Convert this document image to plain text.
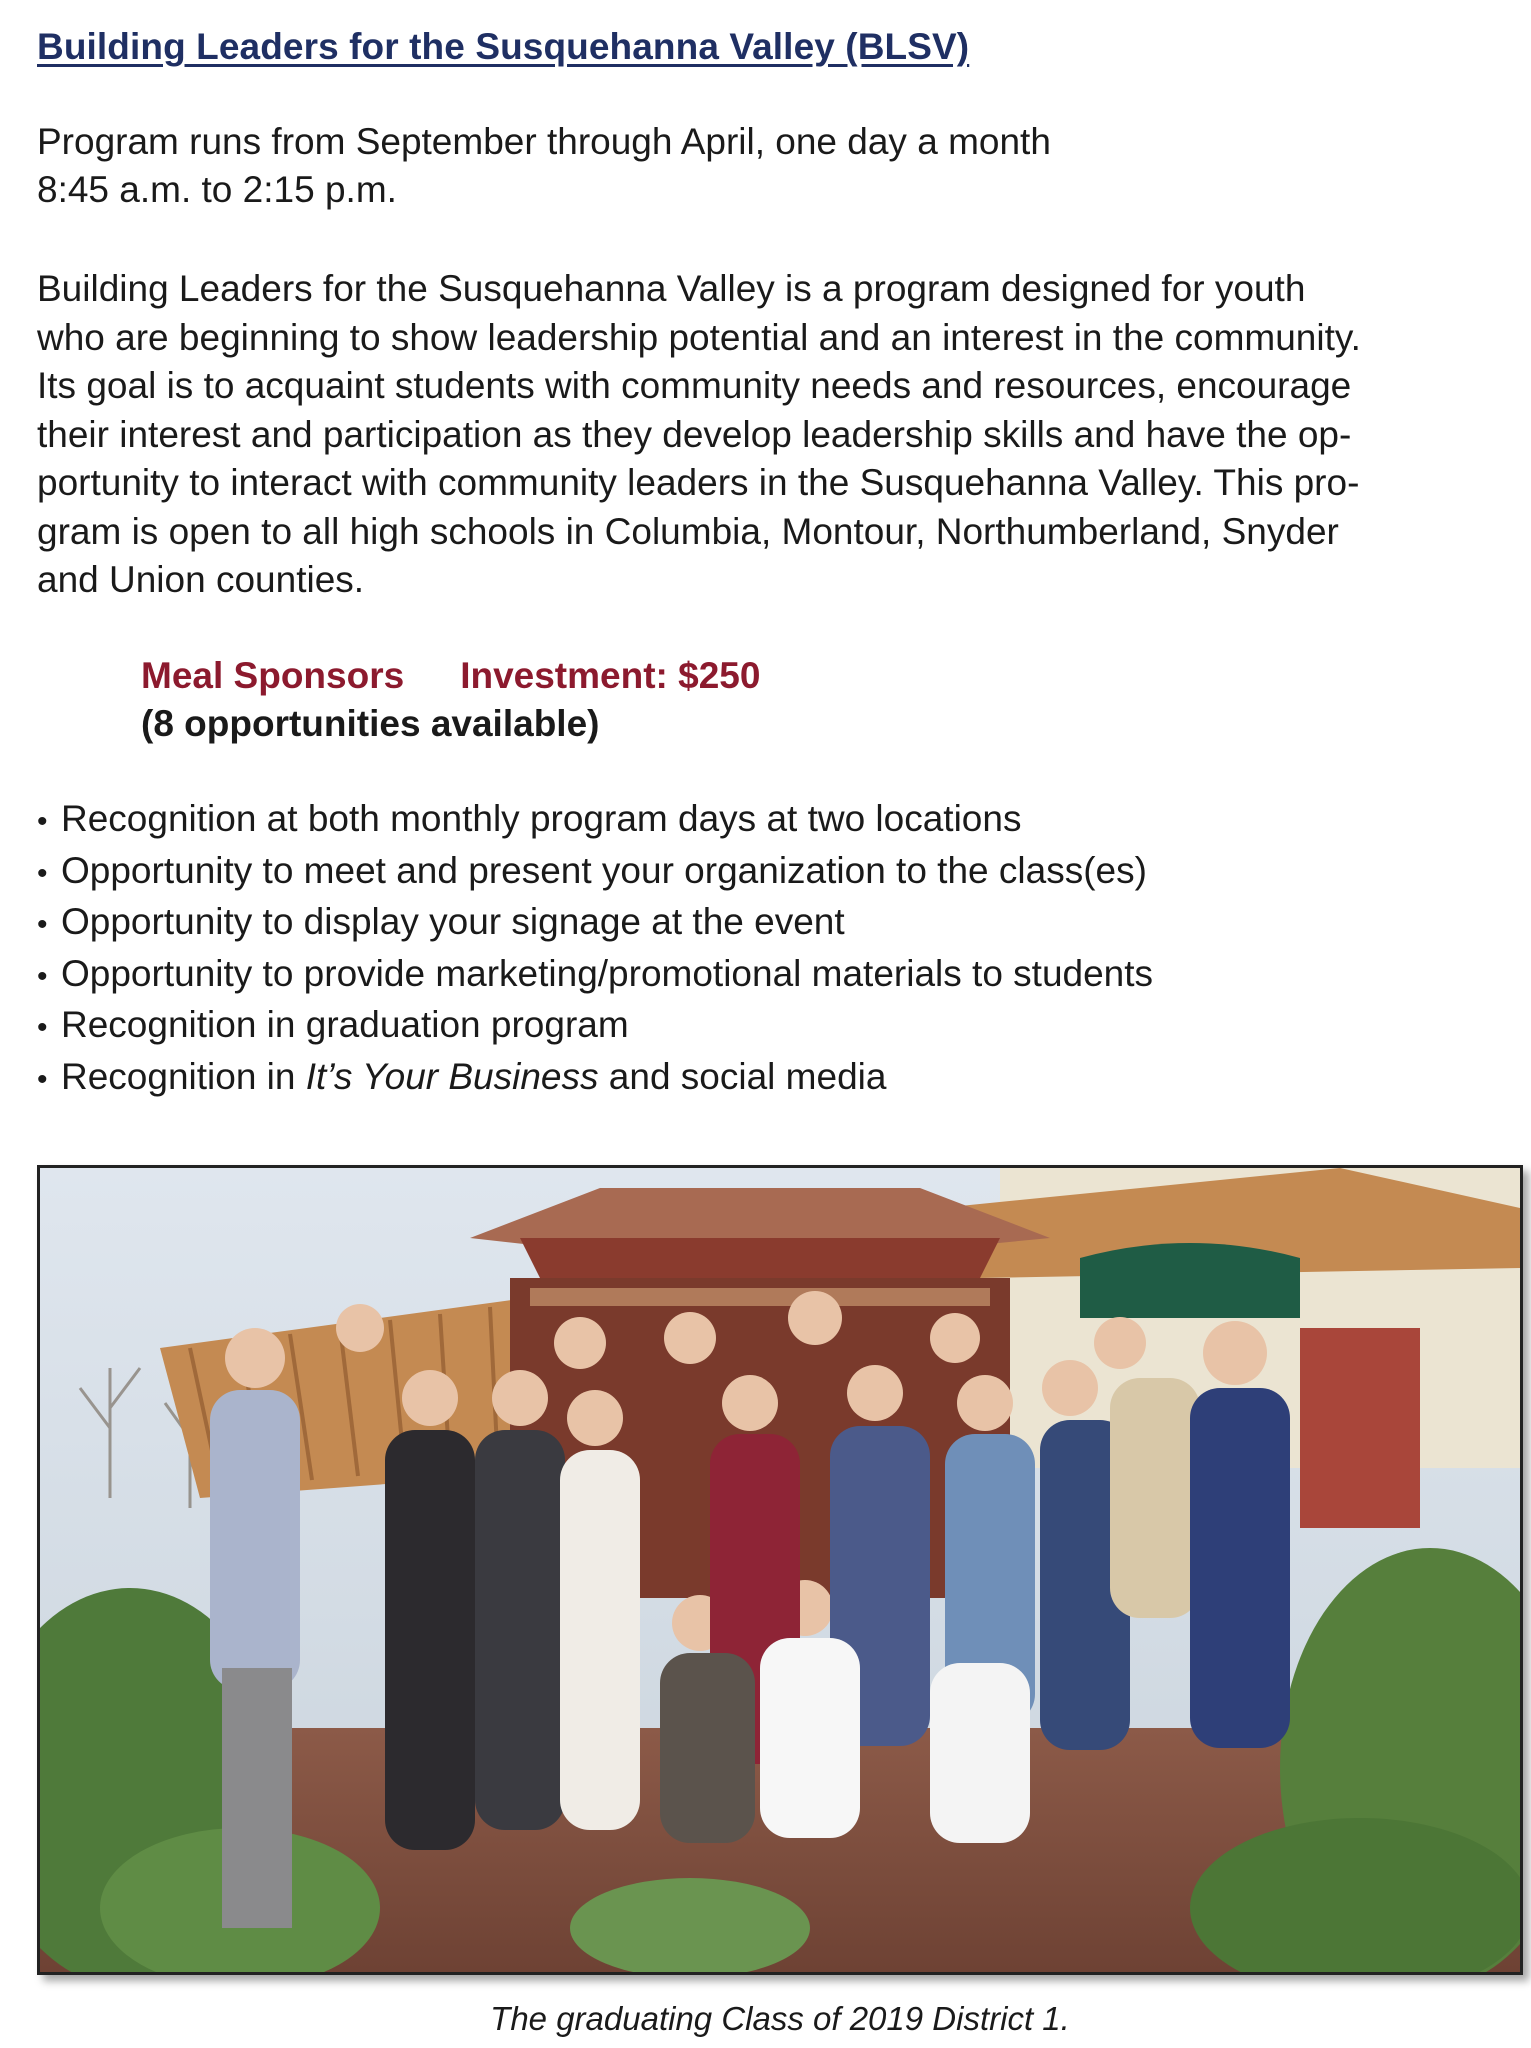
Building Leaders for the Susquehanna Valley (BLSV)
Program runs from September through April, one day a month
8:45 a.m. to 2:15 p.m.

Building Leaders for the Susquehanna Valley is a program designed for youth
who are beginning to show leadership potential and an interest in the community.
Its goal is to acquaint students with community needs and resources, encourage
their interest and participation as they develop leadership skills and have the op-
portunity to interact with community leaders in the Susquehanna Valley. This pro-
gram is open to all high schools in Columbia, Montour, Northumberland, Snyder
and Union counties.

Meal Sponsors Investment: $250
(8 opportunities available)
• Recognition at both monthly program days at two locations
• Opportunity to meet and present your organization to the class(es)
• Opportunity to display your signage at the event
• Opportunity to provide marketing/promotional materials to students
• Recognition in graduation program
• Recognition in It’s Your Business and social media
The graduating Class of 2019 District 1.
